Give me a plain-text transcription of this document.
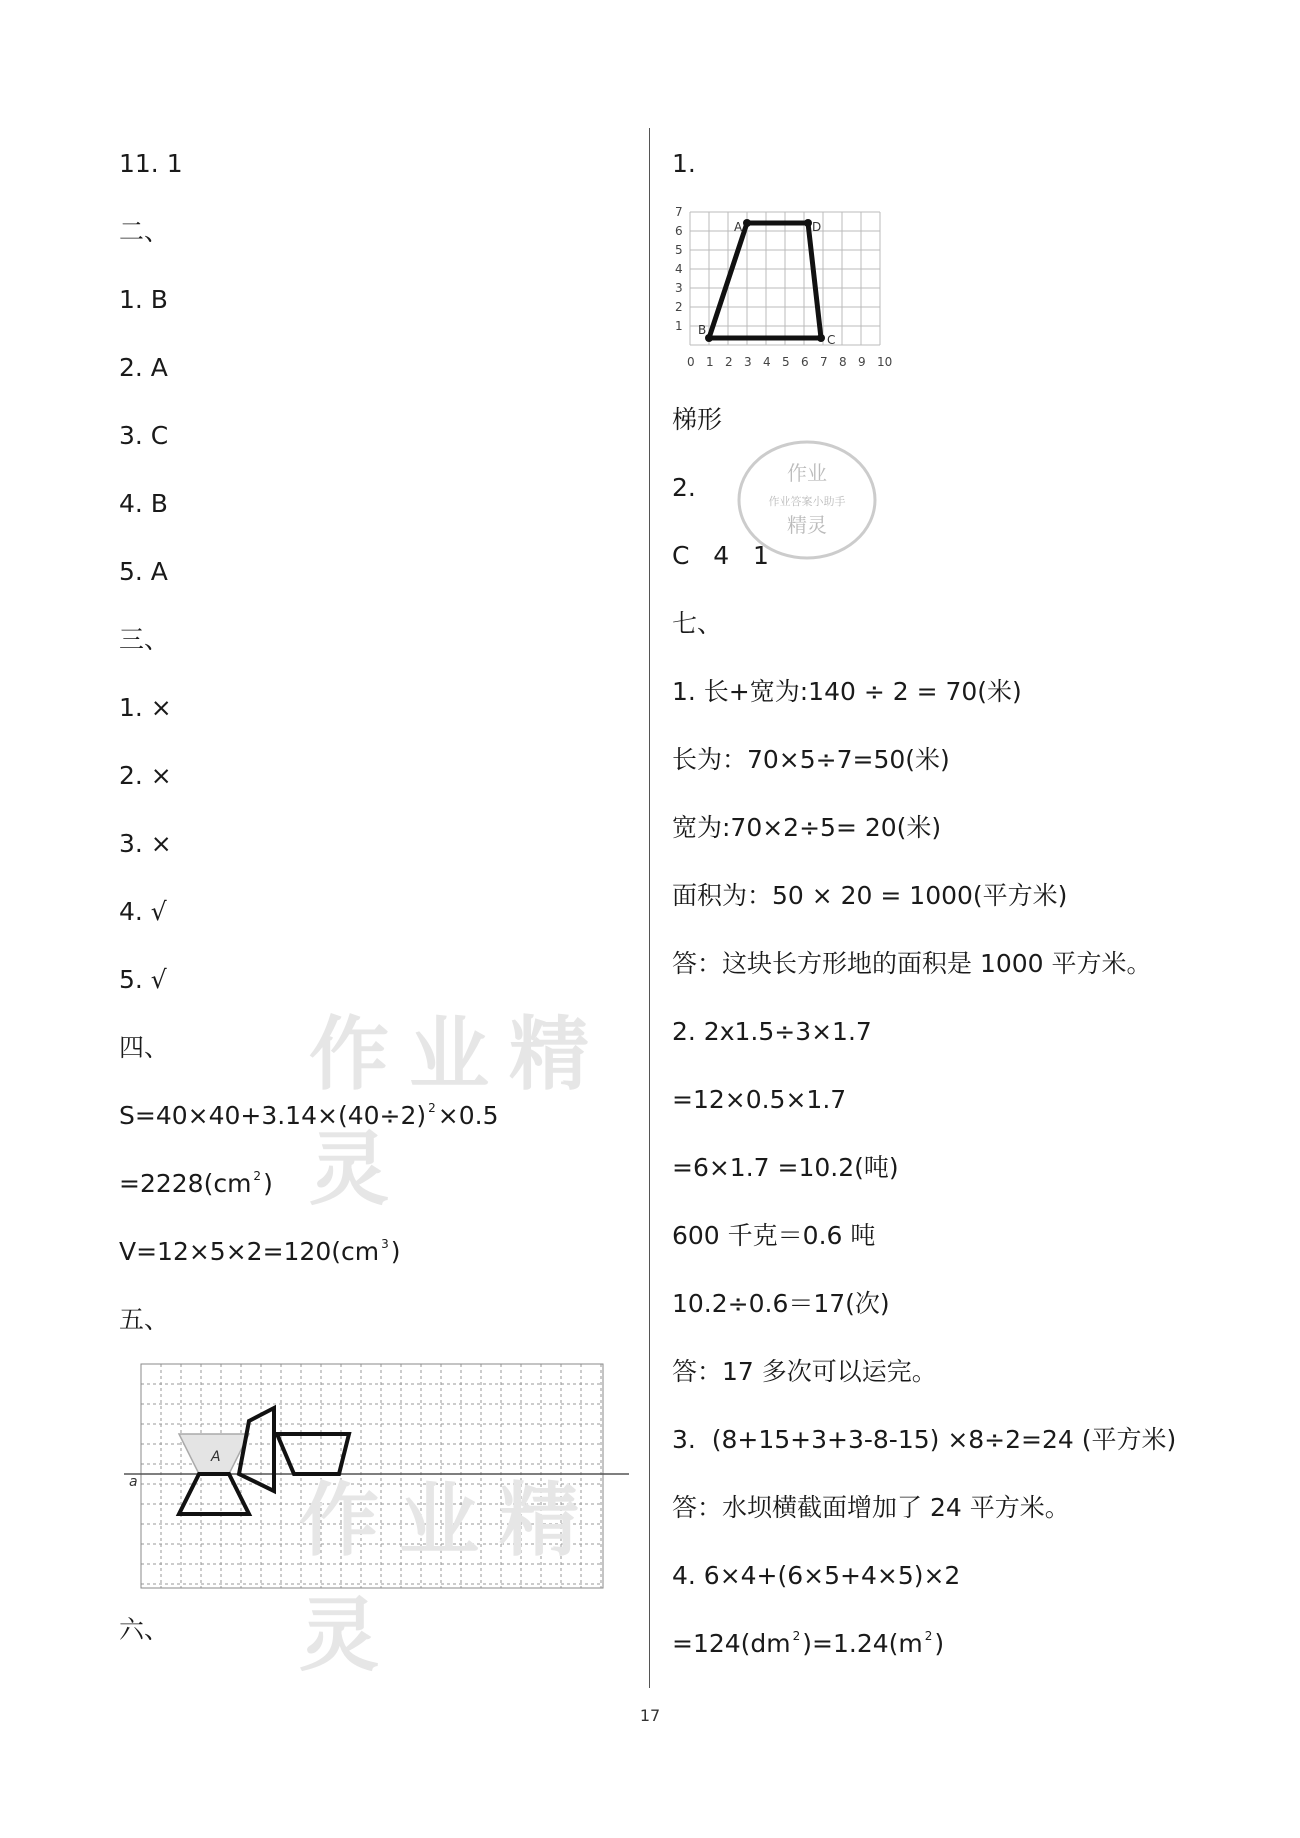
11. 1
二、
1. B
2. A
3. C
4. B
5. A
三、
1. ×
2. ×
3. ×
4. √
5. √
四、
S=40×40+3.14×(40÷2) $^2$×0.5
=2228(cm $^2$)
V=12×5×2=120(cm $^3$)
五、
a
A
作业精灵
六、
作业精灵
1.
0 1 2 3 4 5 6 7 8 9 10
1
2
3
4
5
6
7
A
B
C
D
梯形
2.
C   4   1
七、
1. 长+宽为:140 ÷ 2 = 70(米)
长为：70×5÷7=50(米)
宽为:70×2÷5= 20(米)
面积为：50 × 20 = 1000(平方米)
答：这块长方形地的面积是 1000 平方米。
2. 2x1.5÷3×1.7
=12×0.5×1.7
=6×1.7 =10.2(吨)
600 千克＝0.6 吨
10.2÷0.6＝17(次)
答：17 多次可以运完。
3.  (8+15+3+3-8-15) ×8÷2=24 (平方米)
答：水坝横截面增加了 24 平方米。
4. 6×4+(6×5+4×5)×2
=124(dm $^2$)=1.24(m $^2$)
作业
作业答案小助手
精灵
17
